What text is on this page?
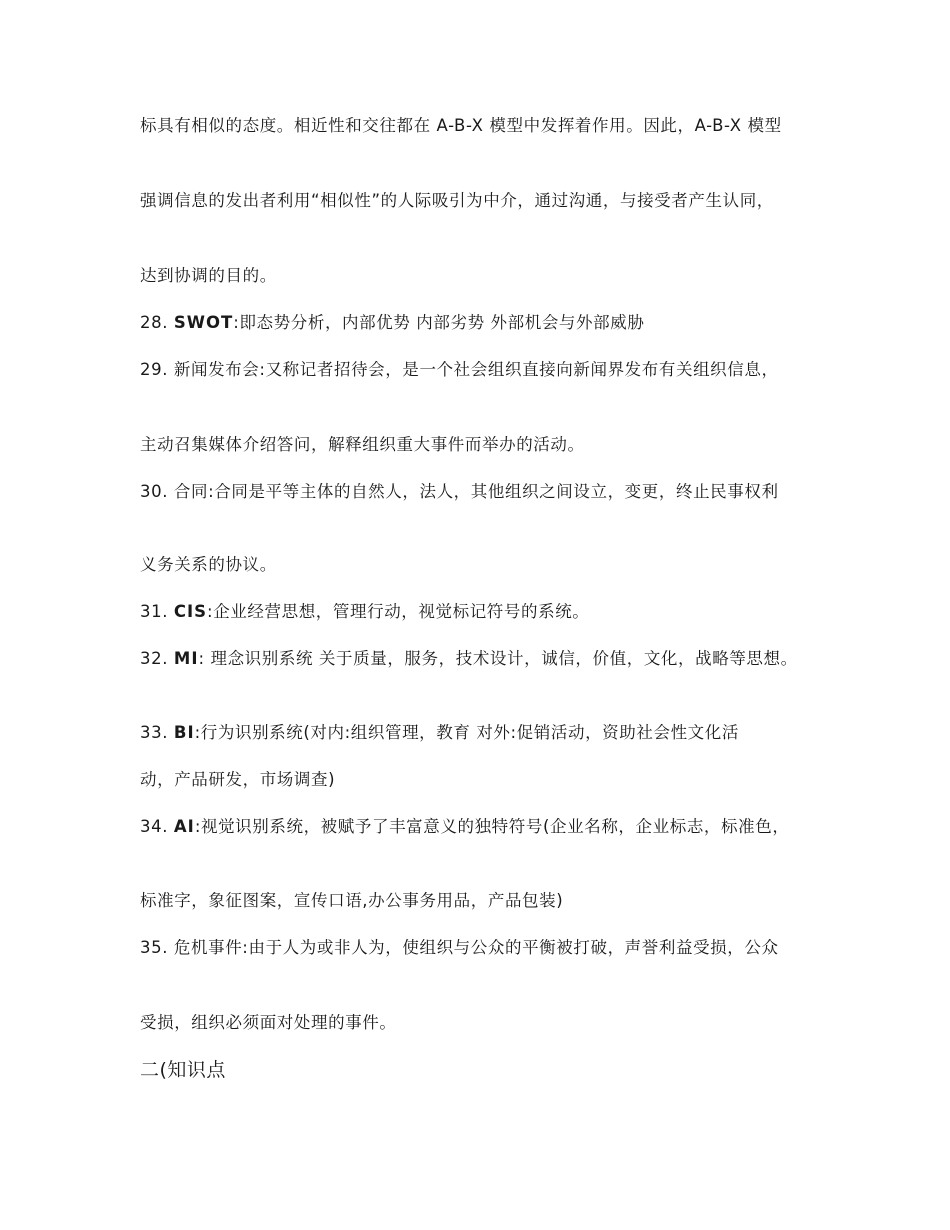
标具有相似的态度。相近性和交往都在 A-B-X 模型中发挥着作用。因此，A-B-X 模型
强调信息的发出者利用“相似性”的人际吸引为中介，通过沟通，与接受者产生认同，
达到协调的目的。
28. SWOT:即态势分析，内部优势 内部劣势 外部机会与外部威胁
29. 新闻发布会:又称记者招待会，是一个社会组织直接向新闻界发布有关组织信息，
主动召集媒体介绍答问，解释组织重大事件而举办的活动。
30. 合同:合同是平等主体的自然人，法人，其他组织之间设立，变更，终止民事权利
义务关系的协议。
31. CIS:企业经营思想，管理行动，视觉标记符号的系统。
32. MI: 理念识别系统 关于质量，服务，技术设计，诚信，价值，文化，战略等思想。
33. BI:行为识别系统(对内:组织管理，教育 对外:促销活动，资助社会性文化活
动，产品研发，市场调查)
34. AI:视觉识别系统，被赋予了丰富意义的独特符号(企业名称，企业标志，标准色，
标准字，象征图案，宣传口语,办公事务用品，产品包装)
35. 危机事件:由于人为或非人为，使组织与公众的平衡被打破，声誉利益受损，公众
受损，组织必须面对处理的事件。
二(知识点
